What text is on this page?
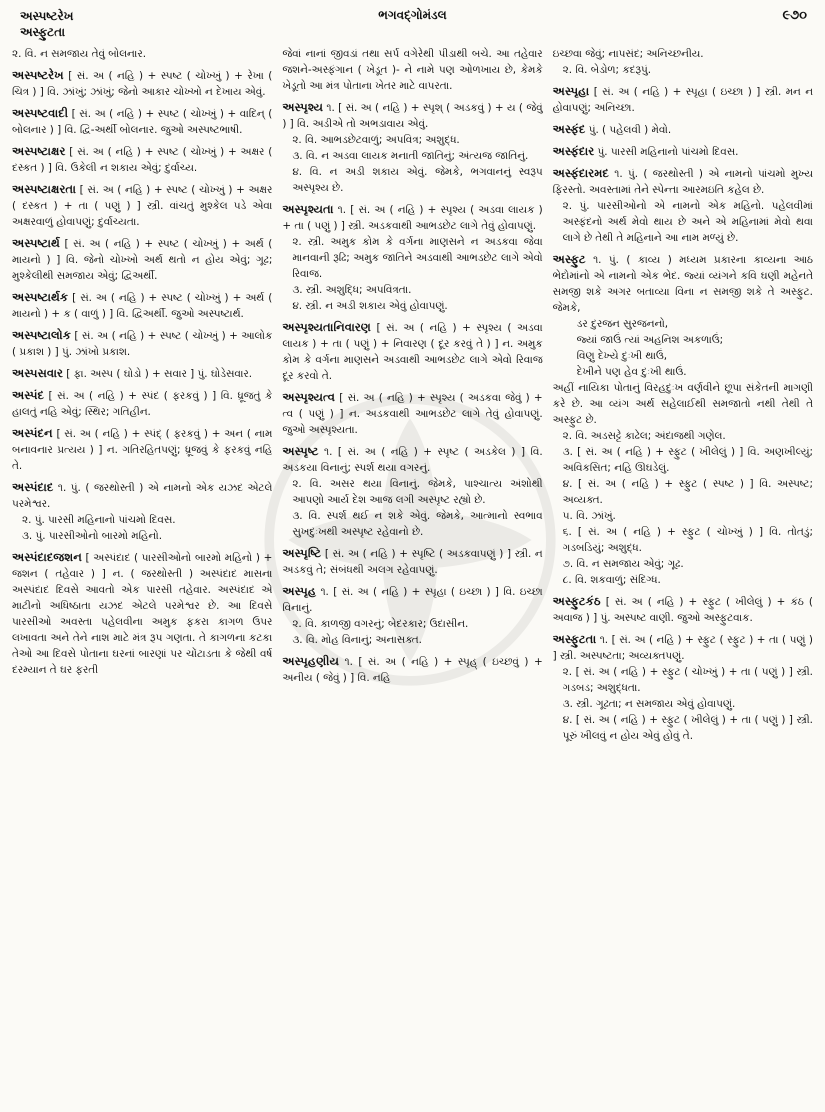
અસ્પષ્ટરેખ
અસ્ફુટતા
ભગવદ્ગોમંડલ	૯૭૦

૨. વિ. ન સમજાય તેવું બોલનાર.

અસ્પષ્ટરેખ [ સં. અ ( નહિ ) + સ્પષ્ટ ( ચોખ્ખું ) + રેખા ( ચિત્ર ) ] વિ. ઝાંખું; ઝાંખું; જેનો આકાર ચોખ્ખો ન દેખાય એવું.

અસ્પષ્ટવાદી [ સં. અ ( નહિ ) + સ્પષ્ટ ( ચોખ્ખું ) + વાદિન્ ( બોલનાર ) ] વિ. દ્વિ-અર્થી બોલનાર. જુઓ અસ્પષ્ટભાષી.

અસ્પષ્ટાક્ષર [ સં. અ ( નહિ ) + સ્પષ્ટ ( ચોખ્ખું ) + અક્ષર ( દસ્કત ) ] વિ. ઉકેલી ન શકાય એવું; દુર્વાચ્ય.

અસ્પષ્ટાક્ષરતા [ સં. અ ( નહિ ) + સ્પષ્ટ ( ચોખ્ખું ) + અક્ષર ( દસ્કત ) + તા ( પણું ) ] સ્ત્રી. વાંચતું મુશ્કેલ પડે એવા અક્ષરવાળું હોવાપણું; દુર્વાચ્યતા.

અસ્પષ્ટાર્થ [ સં. અ ( નહિ ) + સ્પષ્ટ ( ચોખ્ખું ) + અર્થ ( માયનો ) ] વિ. જેનો ચોખ્ખો અર્થ થતો ન હોય એવું; ગૂઢ; મુશ્કેલીથી સમજાય એવું; દ્વિઅર્થી.

અસ્પષ્ટાર્થક [ સં. અ ( નહિ ) + સ્પષ્ટ ( ચોખ્ખું ) + અર્થ ( માયનો ) + ક ( વાળું ) ] વિ. દ્વિઅર્થી. જુઓ અસ્પષ્ટાર્થ.

અસ્પષ્ટાલોક [ સં. અ ( નહિ ) + સ્પષ્ટ ( ચોખ્ખું ) + આલોક ( પ્રકાશ ) ] પું. ઝાંખો પ્રકાશ.

અસ્પસવાર [ ફા. અસ્પ ( ઘોડો ) + સવાર ] પું. ઘોડેસવાર.

અસ્પંદ [ સં. અ ( નહિ ) + સ્પંદ ( ફરકવું ) ] વિ. ધ્રૂજતું કે હાલતું નહિ એવું; સ્થિર; ગતિહીન.

અસ્પંદન [ સં. અ ( નહિ ) + સ્પંદ્ ( ફરકવું ) + અન ( નામ બનાવનાર પ્રત્યય ) ] ન. ગતિરહિતપણું; ધ્રૂજવું કે ફરકવું નહિ તે.

અસ્પંદાદ ૧. પું. ( જરથોસ્તી ) એ નામનો એક યઝદ એટલે પરમેશ્વર.

૨. પું. પારસી મહિનાનો પાંચમો દિવસ.

૩. પું. પારસીઓનો બારમો મહિનો.

અસ્પંદાદજશન [ અસ્પંદાદ ( પારસીઓનો બારમો મહિનો ) + જશન ( તહેવાર ) ] ન. ( જરથોસ્તી ) અસ્પંદાદ માસના અસ્પંદાદ દિવસે આવતો એક પારસી તહેવાર. અસ્પંદાદ એ માટીનો અધિષ્ઠાતા યઝદ એટલે પરમેશ્વર છે. આ દિવસે પારસીઓ અવસ્તા પહેલવીના અમુક ફકરા કાગળ ઉપર લખાવતા અને તેને નાશ માટે મંત્ર રૂપ ગણતા. તે કાગળના કટકા તેઓ આ દિવસે પોતાના ઘરનાં બારણાં પર ચોંટાડતા કે જેથી વર્ષ દરમ્યાન તે ઘર ફરતી

જેવાં નાનાં જીવડાં તથા સર્પ વગેરેથી પીડાથી બચે. આ તહેવાર જશને-અસ્ફંગાન ( ખેડૂત )- ને નામે પણ ઓળખાય છે, કેમકે ખેડૂતો આ મંત્ર પોતાના ખેતર માટે વાપરતા.

અસ્પૃશ્ય ૧. [ સં. અ ( નહિ ) + સ્પૃશ્ ( અડકવું ) + ય ( જેવું ) ] વિ. અડીએ તો અભડાવાય એવું.

૨. વિ. આભડછેટવાળું; અપવિત્ર; અશુદ્ધ.

૩. વિ. ન અડવા લાયક મનાતી જાતિનું; અંત્યજ જાતિનું.

૪. વિ. ન અડી શકાય એવું. જેમકે, ભગવાનનું સ્વરૂપ અસ્પૃશ્ય છે.

અસ્પૃશ્યતા ૧. [ સં. અ ( નહિ ) + સ્પૃશ્ય ( અડવા લાયક ) + તા ( પણું ) ] સ્ત્રી. અડકવાથી આભડછેટ લાગે તેવું હોવાપણું.

૨. સ્ત્રી. અમુક કોમ કે વર્ગના માણસને ન અડકવા જેવા માનવાની રૂઢિ; અમુક જાતિને અડવાથી આભડછેટ લાગે એવો રિવાજ.

૩. સ્ત્રી. અશુદ્ધિ; અપવિત્રતા.

૪. સ્ત્રી. ન અડી શકાય એવું હોવાપણું.

અસ્પૃશ્યતાનિવારણ [ સં. અ ( નહિ ) + સ્પૃશ્ય ( અડવા લાયક ) + તા ( પણું ) + નિવારણ ( દૂર કરવું તે ) ] ન. અમુક કોમ કે વર્ગના માણસને અડવાથી આભડછેટ લાગે એવો રિવાજ દૂર કરવો તે.

અસ્પૃશ્યત્વ [ સં. અ ( નહિ ) + સ્પૃશ્ય ( અડકવા જેવું ) + ત્વ ( પણું ) ] ન. અડકવાથી આભડછેટ લાગે તેવું હોવાપણું. જુઓ અસ્પૃશ્યતા.

અસ્પૃષ્ટ ૧. [ સં. અ ( નહિ ) + સ્પૃષ્ટ ( અડકેલ ) ] વિ. અડકયા વિનાનું; સ્પર્શ થયા વગરનું.

૨. વિ. અસર થયા વિનાનું. જેમકે, પાશ્ચાત્ય અંશોથી આપણો આર્ય દેશ આજ લગી અસ્પૃષ્ટ રહ્યો છે.

૩. વિ. સ્પર્શ થઈ ન શકે એવું. જેમકે, આત્માનો સ્વભાવ સુખદુઃખથી અસ્પૃષ્ટ રહેવાનો છે.

અસ્પૃષ્ટિ [ સં. અ ( નહિ ) + સ્પૃષ્ટિ ( અડકવાપણું ) ] સ્ત્રી. ન અડકવું તે; સંબંધથી અલગ રહેવાપણું.

અસ્પૃહ ૧. [ સં. અ ( નહિ ) + સ્પૃહા ( ઇચ્છા ) ] વિ. ઇચ્છા વિનાનું.

૨. વિ. કાળજી વગરનું; બેદરકાર; ઉદાસીન.

૩. વિ. મોહ વિનાનું; અનાસક્ત.

અસ્પૃહણીય ૧. [ સં. અ ( નહિ ) + સ્પૃહ્ ( ઇચ્છવું ) + અનીય ( જેવું ) ] વિ. નહિ

ઇચ્છવા જેવું; નાપસંદ; અનિચ્છનીય.

૨. વિ. બેડોળ; કદરૂપું.

અસ્પૃહા [ સં. અ ( નહિ ) + સ્પૃહા ( ઇચ્છા ) ] સ્ત્રી. મન ન હોવાપણું; અનિચ્છા.

અસ્ફંદ પું. ( પહેલવી ) મેવો.

અસ્ફંદાર પું. પારસી મહિનાનો પાંચમો દિવસ.

અસ્ફંદારમદ ૧. પું. ( જરથોસ્તી ) એ નામનો પાંચમો મુખ્ય ફિરસ્તો. અવસ્તામાં તેને સ્પેન્તા આરમઇતિ કહેલ છે.

૨. પું. પારસીઓનો એ નામનો એક મહિનો. પહેલવીમાં અસ્ફંદનો અર્થ મેવો થાય છે અને એ મહિનામાં મેવો થવા લાગે છે તેથી તે મહિનાને આ નામ મળ્યું છે.

અસ્ફુટ ૧. પું. ( કાવ્ય ) મધ્યમ પ્રકારના કાવ્યના આઠ ભેદોમાંનો એ નામનો એક ભેદ. જ્યાં વ્યંગને કવિ ઘણી મહેનતે સમજી શકે અગર બતાવ્યા વિના ન સમજી શકે તે અસ્ફુટ. જેમકે,

ડર દુરજન સુરજનનો,

જ્યાં જાઉં ત્યાં અહનિશ અકળાઉં;

વિણુ દેખ્યે દુઃખી થાઉં,

દેખીને પણ હેવ દુઃખી થાઉં.

અહીં નાયિકા પોતાનું વિરહદુઃખ વર્ણવીને છૂપા સંકેતની માગણી કરે છે. આ વ્યંગ અર્થ સહેલાઈથી સમજાતો નથી તેથી તે અસ્ફુટ છે.

૨. વિ. અડસટ્ટે કાઢેલ; અંદાજથી ગણેલ.

૩. [ સં. અ ( નહિ ) + સ્ફુટ ( ખીલેલું ) ] વિ. અણખીલ્યું; અવિકસિત; નહિ ઊઘડેલું.

૪. [ સં. અ ( નહિ ) + સ્ફુટ ( સ્પષ્ટ ) ] વિ. અસ્પષ્ટ; અવ્યક્ત.

૫. વિ. ઝાંખું.

૬. [ સં. અ ( નહિ ) + સ્ફુટ ( ચોખ્ખું ) ] વિ. તોતડું; ગડબડિયું; અશુદ્ધ.

૭. વિ. ન સમજાય એવું; ગૂઢ.

૮. વિ. શકવાળું; સંદિગ્ધ.

અસ્ફુટકંઠ [ સં. અ ( નહિ ) + સ્ફુટ ( ખીલેલું ) + કંઠ ( અવાજ ) ] પું. અસ્પષ્ટ વાણી. જુઓ અસ્ફુટવાક.

અસ્ફુટતા ૧. [ સં. અ ( નહિ ) + સ્ફુટ ( સ્ફુટ ) + તા ( પણું ) ] સ્ત્રી. અસ્પષ્ટતા; અવ્યક્તપણું.

૨. [ સં. અ ( નહિ ) + સ્ફુટ ( ચોખ્ખું ) + તા ( પણું ) ] સ્ત્રી. ગડબડ; અશુદ્ધતા.

૩. સ્ત્રી. ગૂઢતા; ન સમજાય એવું હોવાપણું.

૪. [ સં. અ ( નહિ ) + સ્ફુટ ( ખીલેલું ) + તા ( પણું ) ] સ્ત્રી. પૂરું ખીલવું ન હોય એવું હોવું તે.
